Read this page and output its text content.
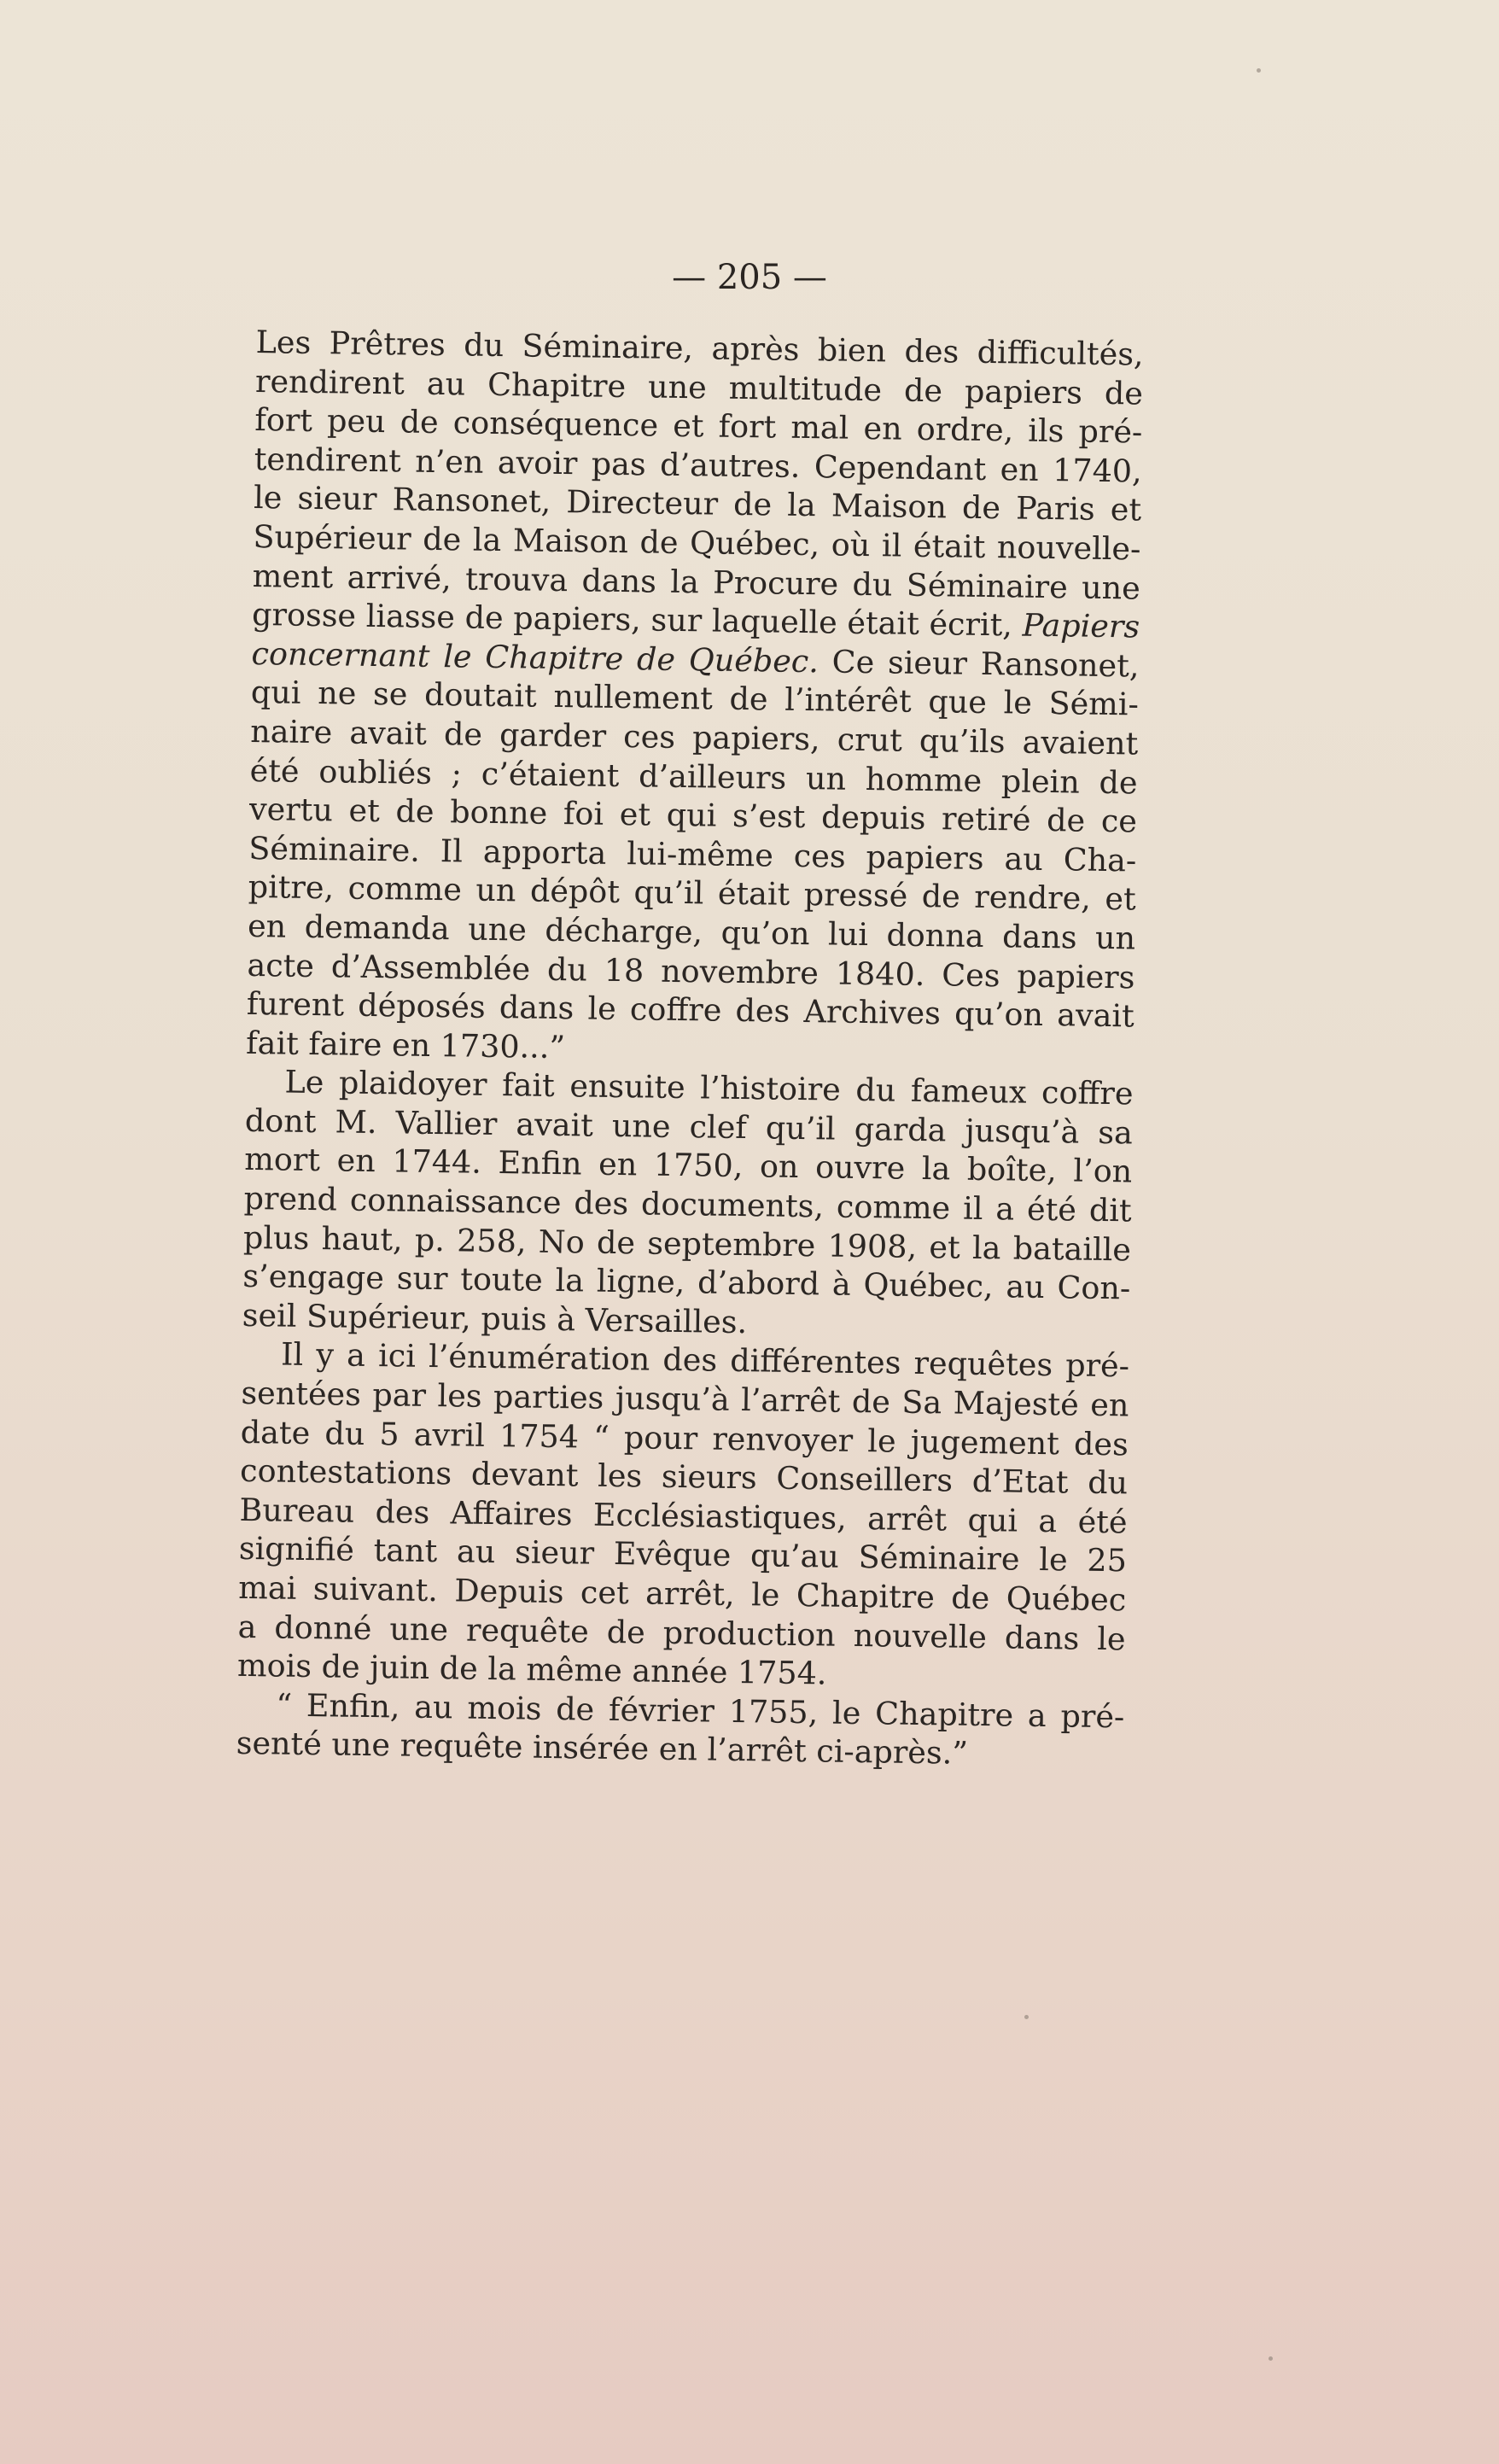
— 205 —
Les Prêtres du Séminaire, après bien des difficultés,
rendirent au Chapitre une multitude de papiers de
fort peu de conséquence et fort mal en ordre, ils pré-
tendirent n’en avoir pas d’autres. Cependant en 1740,
le sieur Ransonet, Directeur de la Maison de Paris et
Supérieur de la Maison de Québec, où il était nouvelle-
ment arrivé, trouva dans la Procure du Séminaire une
grosse liasse de papiers, sur laquelle était écrit, Papiers
concernant le Chapitre de Québec. Ce sieur Ransonet,
qui ne se doutait nullement de l’intérêt que le Sémi-
naire avait de garder ces papiers, crut qu’ils avaient
été oubliés ; c’étaient d’ailleurs un homme plein de
vertu et de bonne foi et qui s’est depuis retiré de ce
Séminaire. Il apporta lui-même ces papiers au Cha-
pitre, comme un dépôt qu’il était pressé de rendre, et
en demanda une décharge, qu’on lui donna dans un
acte d’Assemblée du 18 novembre 1840. Ces papiers
furent déposés dans le coffre des Archives qu’on avait
fait faire en 1730...”
Le plaidoyer fait ensuite l’histoire du fameux coffre
dont M. Vallier avait une clef qu’il garda jusqu’à sa
mort en 1744. Enfin en 1750, on ouvre la boîte, l’on
prend connaissance des documents, comme il a été dit
plus haut, p. 258, No de septembre 1908, et la bataille
s’engage sur toute la ligne, d’abord à Québec, au Con-
seil Supérieur, puis à Versailles.
Il y a ici l’énumération des différentes requêtes pré-
sentées par les parties jusqu’à l’arrêt de Sa Majesté en
date du 5 avril 1754 “ pour renvoyer le jugement des
contestations devant les sieurs Conseillers d’Etat du
Bureau des Affaires Ecclésiastiques, arrêt qui a été
signifié tant au sieur Evêque qu’au Séminaire le 25
mai suivant. Depuis cet arrêt, le Chapitre de Québec
a donné une requête de production nouvelle dans le
mois de juin de la même année 1754.
“ Enfin, au mois de février 1755, le Chapitre a pré-
senté une requête insérée en l’arrêt ci-après.”
